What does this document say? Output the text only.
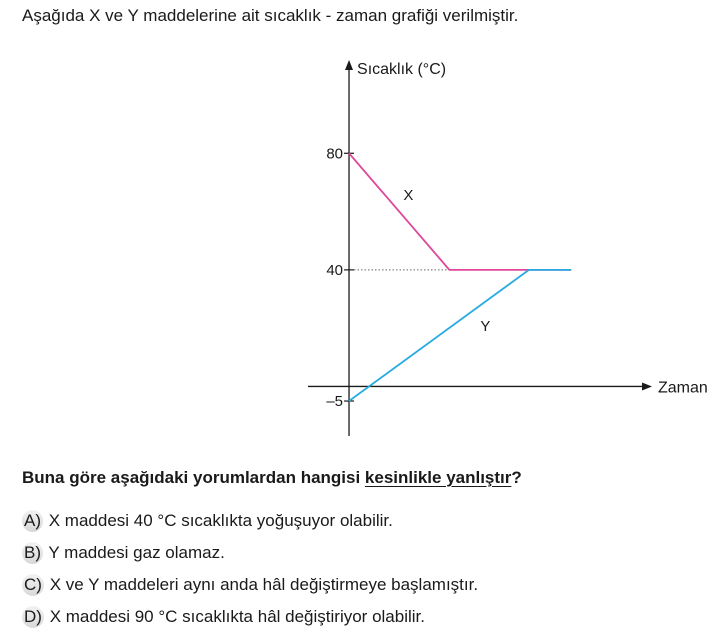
Aşağıda X ve Y maddelerine ait sıcaklık - zaman grafiği verilmiştir.
Sıcaklık (°C)
Zaman
80
40
–5
X
Y
Buna göre aşağıdaki yorumlardan hangisi kesinlikle yanlıştır?
A) X maddesi 40 °C sıcaklıkta yoğuşuyor olabilir.
B) Y maddesi gaz olamaz.
C) X ve Y maddeleri aynı anda hâl değiştirmeye başlamıştır.
D) X maddesi 90 °C sıcaklıkta hâl değiştiriyor olabilir.
